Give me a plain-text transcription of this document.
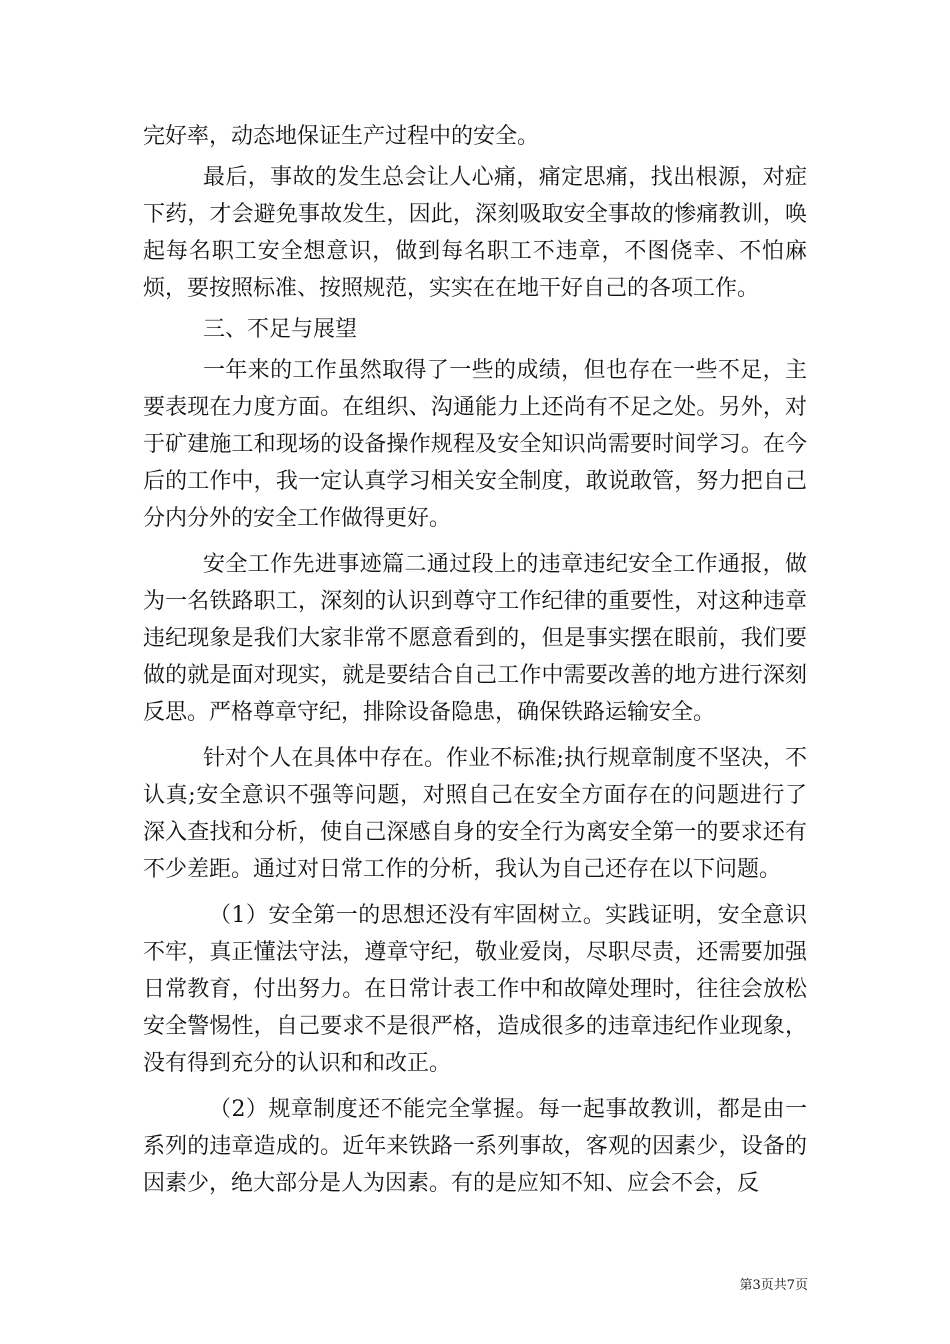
完好率，动态地保证生产过程中的安全。

最后，事故的发生总会让人心痛，痛定思痛，找出根源，对症下药，才会避免事故发生，因此，深刻吸取安全事故的惨痛教训，唤起每名职工安全想意识，做到每名职工不违章，不图侥幸、不怕麻烦，要按照标准、按照规范，实实在在地干好自己的各项工作。

三、不足与展望

一年来的工作虽然取得了一些的成绩，但也存在一些不足，主要表现在力度方面。在组织、沟通能力上还尚有不足之处。另外，对于矿建施工和现场的设备操作规程及安全知识尚需要时间学习。在今后的工作中，我一定认真学习相关安全制度，敢说敢管，努力把自己分内分外的安全工作做得更好。

安全工作先进事迹篇二通过段上的违章违纪安全工作通报，做为一名铁路职工，深刻的认识到尊守工作纪律的重要性，对这种违章违纪现象是我们大家非常不愿意看到的，但是事实摆在眼前，我们要做的就是面对现实，就是要结合自己工作中需要改善的地方进行深刻反思。严格尊章守纪，排除设备隐患，确保铁路运输安全。

针对个人在具体中存在。作业不标准;执行规章制度不坚决，不认真;安全意识不强等问题，对照自己在安全方面存在的问题进行了深入查找和分析，使自己深感自身的安全行为离安全第一的要求还有不少差距。通过对日常工作的分析，我认为自己还存在以下问题。

（1）安全第一的思想还没有牢固树立。实践证明，安全意识不牢，真正懂法守法，遵章守纪，敬业爱岗，尽职尽责，还需要加强日常教育，付出努力。在日常计表工作中和故障处理时，往往会放松安全警惕性，自己要求不是很严格，造成很多的违章违纪作业现象，没有得到充分的认识和和改正。

（2）规章制度还不能完全掌握。每一起事故教训，都是由一系列的违章造成的。近年来铁路一系列事故，客观的因素少，设备的因素少，绝大部分是人为因素。有的是应知不知、应会不会，反

第3页共7页
